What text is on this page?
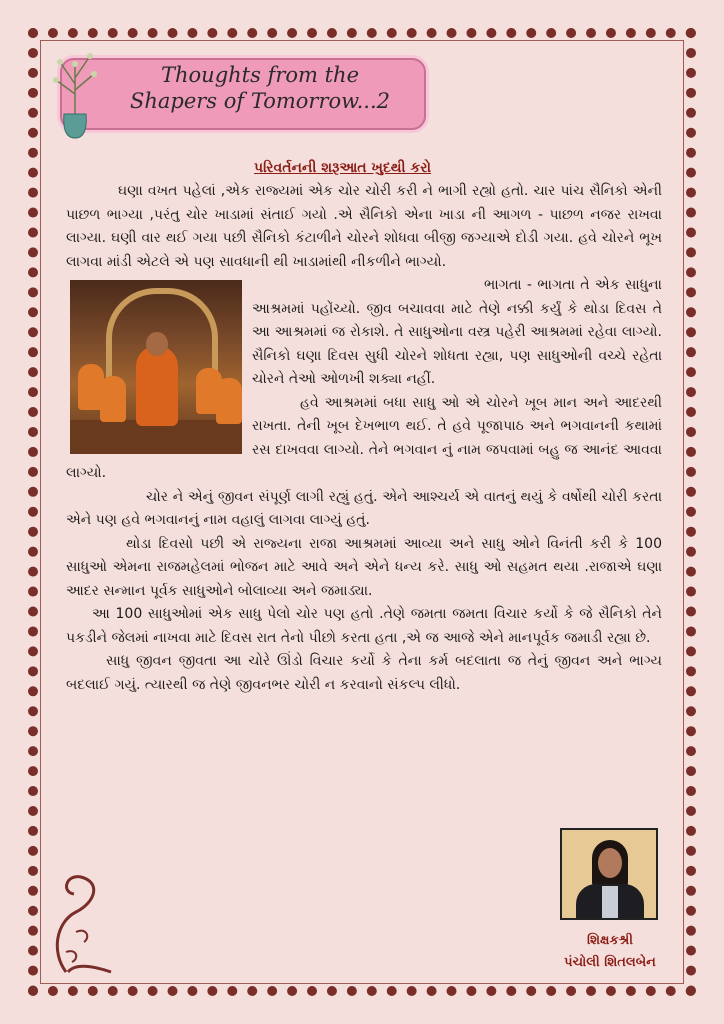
Thoughts from the
Shapers of Tomorrow...2
પરિવર્તનની શરૂઆત ખુદથી કરો

ઘણા વખત પહેલાં ,એક રાજ્યમાં એક ચોર ચોરી કરી ને ભાગી રહ્યો હતો. ચાર પાંચ સૈનિકો એની પાછળ ભાગ્યા ,પરંતુ ચોર ખાડામાં સંતાઈ ગયો .એ સૈનિકો એના ખાડા ની આગળ - પાછળ નજર રાખવા લાગ્યા. ઘણી વાર થઈ ગયા પછી સૈનિકો કંટાળીને ચોરને શોધવા બીજી જગ્યાએ દોડી ગયા. હવે ચોરને ભૂખ લાગવા માંડી એટલે એ પણ સાવધાની થી ખાડામાંથી નીકળીને ભાગ્યો.

ભાગતા - ભાગતા તે એક સાધુના આશ્રમમાં પહોંચ્યો. જીવ બચાવવા માટે તેણે નક્કી કર્યું કે થોડા દિવસ તે આ આશ્રમમાં જ રોકાશે. તે સાધુઓના વસ્ત્ર પહેરી આશ્રમમાં રહેવા લાગ્યો. સૈનિકો ઘણા દિવસ સુધી ચોરને શોધતા રહ્યા, પણ સાધુઓની વચ્ચે રહેતા ચોરને તેઓ ઓળખી શક્યા નહીં.

હવે આશ્રમમાં બધા સાધુ ઓ એ ચોરને ખૂબ માન અને આદરથી રાખતા. તેની ખૂબ દેખભાળ થઈ. તે હવે પૂજાપાઠ અને ભગવાનની કથામાં રસ દાખવવા લાગ્યો. તેને ભગવાન નું નામ જપવામાં બહુ જ આનંદ આવવા લાગ્યો.

ચોર ને એનું જીવન સંપૂર્ણ લાગી રહ્યું હતું. એને આશ્ચર્ય એ વાતનું થયું કે વર્ષોથી ચોરી કરતા એને પણ હવે ભગવાનનું નામ વહાલું લાગવા લાગ્યું હતું.

થોડા દિવસો પછી એ રાજ્યના રાજા આશ્રમમાં આવ્યા અને સાધુ ઓને વિનંતી કરી કે 100 સાધુઓ એમના રાજમહેલમાં ભોજન માટે આવે અને એને ધન્ય કરે. સાધુ ઓ સહમત થયા .રાજાએ ઘણા આદર સન્માન પૂર્વક સાધુઓને બોલાવ્યા અને જમાડ્યા.

આ 100 સાધુઓમાં એક સાધુ પેલો ચોર પણ હતો .તેણે જમતા જમતા વિચાર કર્યો કે જે સૈનિકો તેને પકડીને જેલમાં નાખવા માટે દિવસ રાત તેનો પીછો કરતા હતા ,એ જ આજે એને માનપૂર્વક જમાડી રહ્યા છે.

સાધુ જીવન જીવતા આ ચોરે ઊંડો વિચાર કર્યો કે તેના કર્મ બદલાતા જ તેનું જીવન અને ભાગ્ય બદલાઈ ગયું. ત્યારથી જ તેણે જીવનભર ચોરી ન કરવાનો સંકલ્પ લીધો.

શિક્ષકશ્રી
પંચોલી શિતલબેન
